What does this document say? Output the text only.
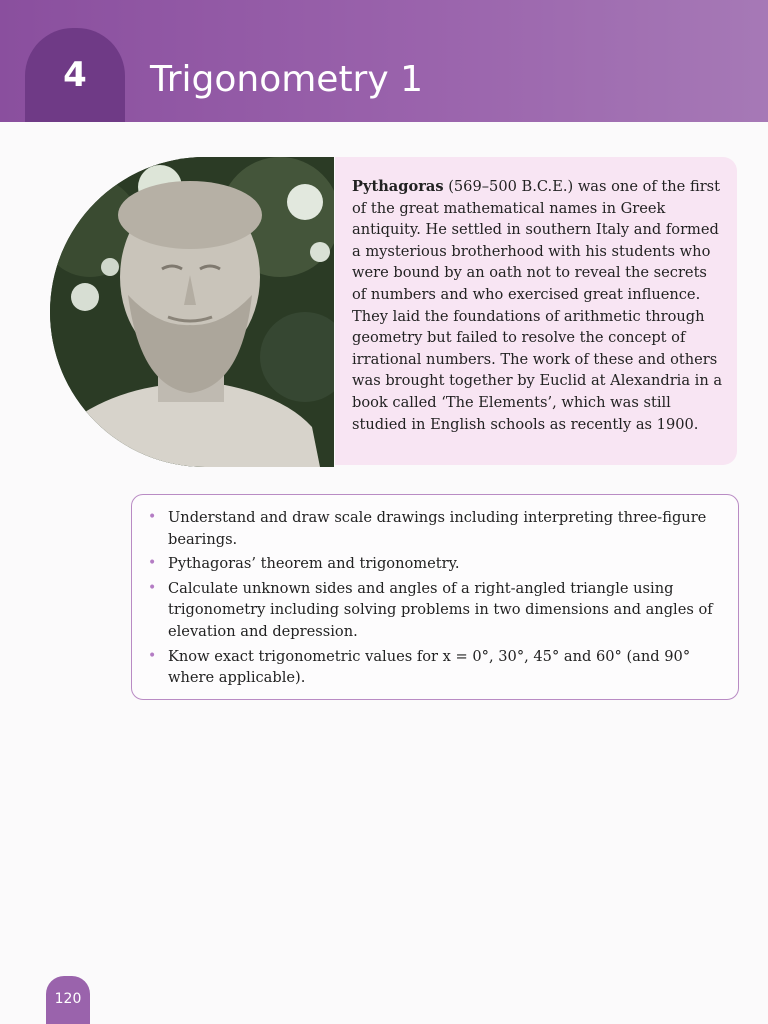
4	Trigonometry 1

Pythagoras (569–500 B.C.E.) was one of the first of the great mathematical names in Greek antiquity. He settled in southern Italy and formed a mysterious brotherhood with his students who were bound by an oath not to reveal the secrets of numbers and who exercised great influence. They laid the foundations of arithmetic through geometry but failed to resolve the concept of irrational numbers. The work of these and others was brought together by Euclid at Alexandria in a book called ‘The Elements’, which was still studied in English schools as recently as 1900.

• Understand and draw scale drawings including interpreting three-figure bearings.
• Pythagoras’ theorem and trigonometry.
• Calculate unknown sides and angles of a right-angled triangle using trigonometry including solving problems in two dimensions and angles of elevation and depression.
• Know exact trigonometric values for x = 0°, 30°, 45° and 60° (and 90° where applicable).
120
